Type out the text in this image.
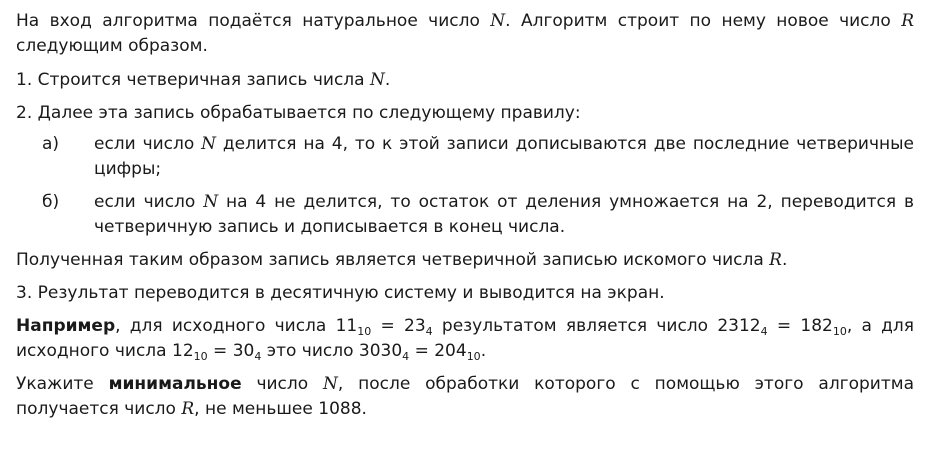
На вход алгоритма подаётся натуральное число N. Алгоритм строит по нему новое число R следующим образом.

1. Строится четверичная запись числа N.

2. Далее эта запись обрабатывается по следующему правилу:

а)	если число N делится на 4, то к этой записи дописываются две последние четверичные цифры;
б)	если число N на 4 не делится, то остаток от деления умножается на 2, переводится в четверичную запись и дописывается в конец числа.

Полученная таким образом запись является четверичной записью искомого числа R.

3. Результат переводится в десятичную систему и выводится на экран.

Например, для исходного числа $11_{10} = 23_4$ результатом является число $2312_4 = 182_{10}$, а для исходного числа $12_{10} = 30_4$ это число $3030_4 = 204_{10}$.

Укажите минимальное число N, после обработки которого с помощью этого алгоритма получается число R, не меньшее 1088.
